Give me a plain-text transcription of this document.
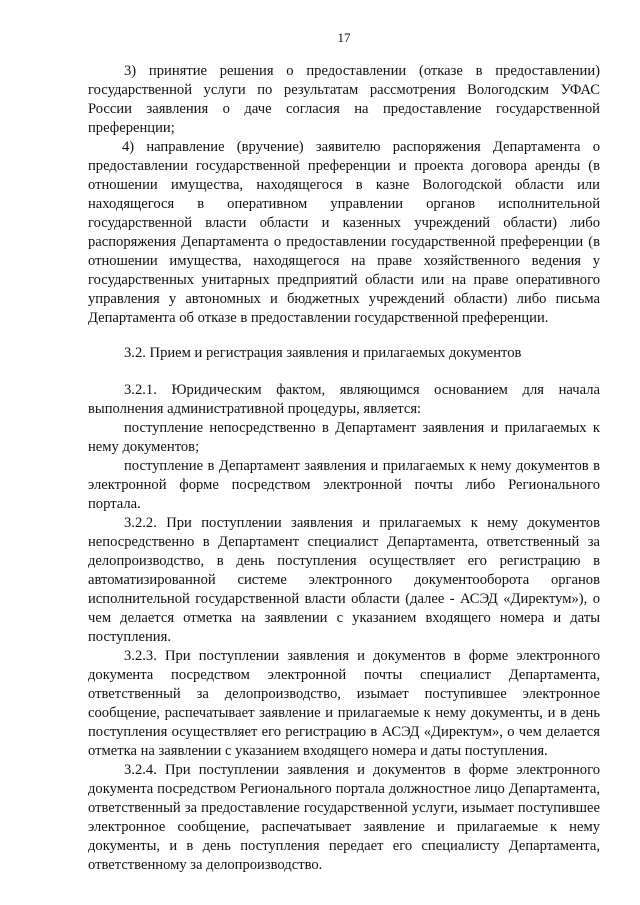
17

3) принятие решения о предоставлении (отказе в предоставлении) государственной услуги по результатам рассмотрения Вологодским УФАС России заявления о даче согласия на предоставление государственной преференции;

4) направление (вручение) заявителю распоряжения Департамента о предоставлении государственной преференции и проекта договора аренды (в отношении имущества, находящегося в казне Вологодской области или находящегося в оперативном управлении органов исполнительной государственной власти области и казенных учреждений области) либо распоряжения Департамента о предоставлении государственной преференции (в отношении имущества, находящегося на праве хозяйственного ведения у государственных унитарных предприятий области или на праве оперативного управления у автономных и бюджетных учреждений области) либо письма Департамента об отказе в предоставлении государственной преференции.

3.2. Прием и регистрация заявления и прилагаемых документов

3.2.1. Юридическим фактом, являющимся основанием для начала выполнения административной процедуры, является:

поступление непосредственно в Департамент заявления и прилагаемых к нему документов;

поступление в Департамент заявления и прилагаемых к нему документов в электронной форме посредством электронной почты либо Регионального портала.

3.2.2. При поступлении заявления и прилагаемых к нему документов непосредственно в Департамент специалист Департамента, ответственный за делопроизводство, в день поступления осуществляет его регистрацию в автоматизированной системе электронного документооборота органов исполнительной государственной власти области (далее - АСЭД «Директум»), о чем делается отметка на заявлении с указанием входящего номера и даты поступления.

3.2.3. При поступлении заявления и документов в форме электронного документа посредством электронной почты специалист Департамента, ответственный за делопроизводство, изымает поступившее электронное сообщение, распечатывает заявление и прилагаемые к нему документы, и в день поступления осуществляет его регистрацию в АСЭД «Директум», о чем делается отметка на заявлении с указанием входящего номера и даты поступления.

3.2.4. При поступлении заявления и документов в форме электронного документа посредством Регионального портала должностное лицо Департамента, ответственный за предоставление государственной услуги, изымает поступившее электронное сообщение, распечатывает заявление и прилагаемые к нему документы, и в день поступления передает его специалисту Департамента, ответственному за делопроизводство.
